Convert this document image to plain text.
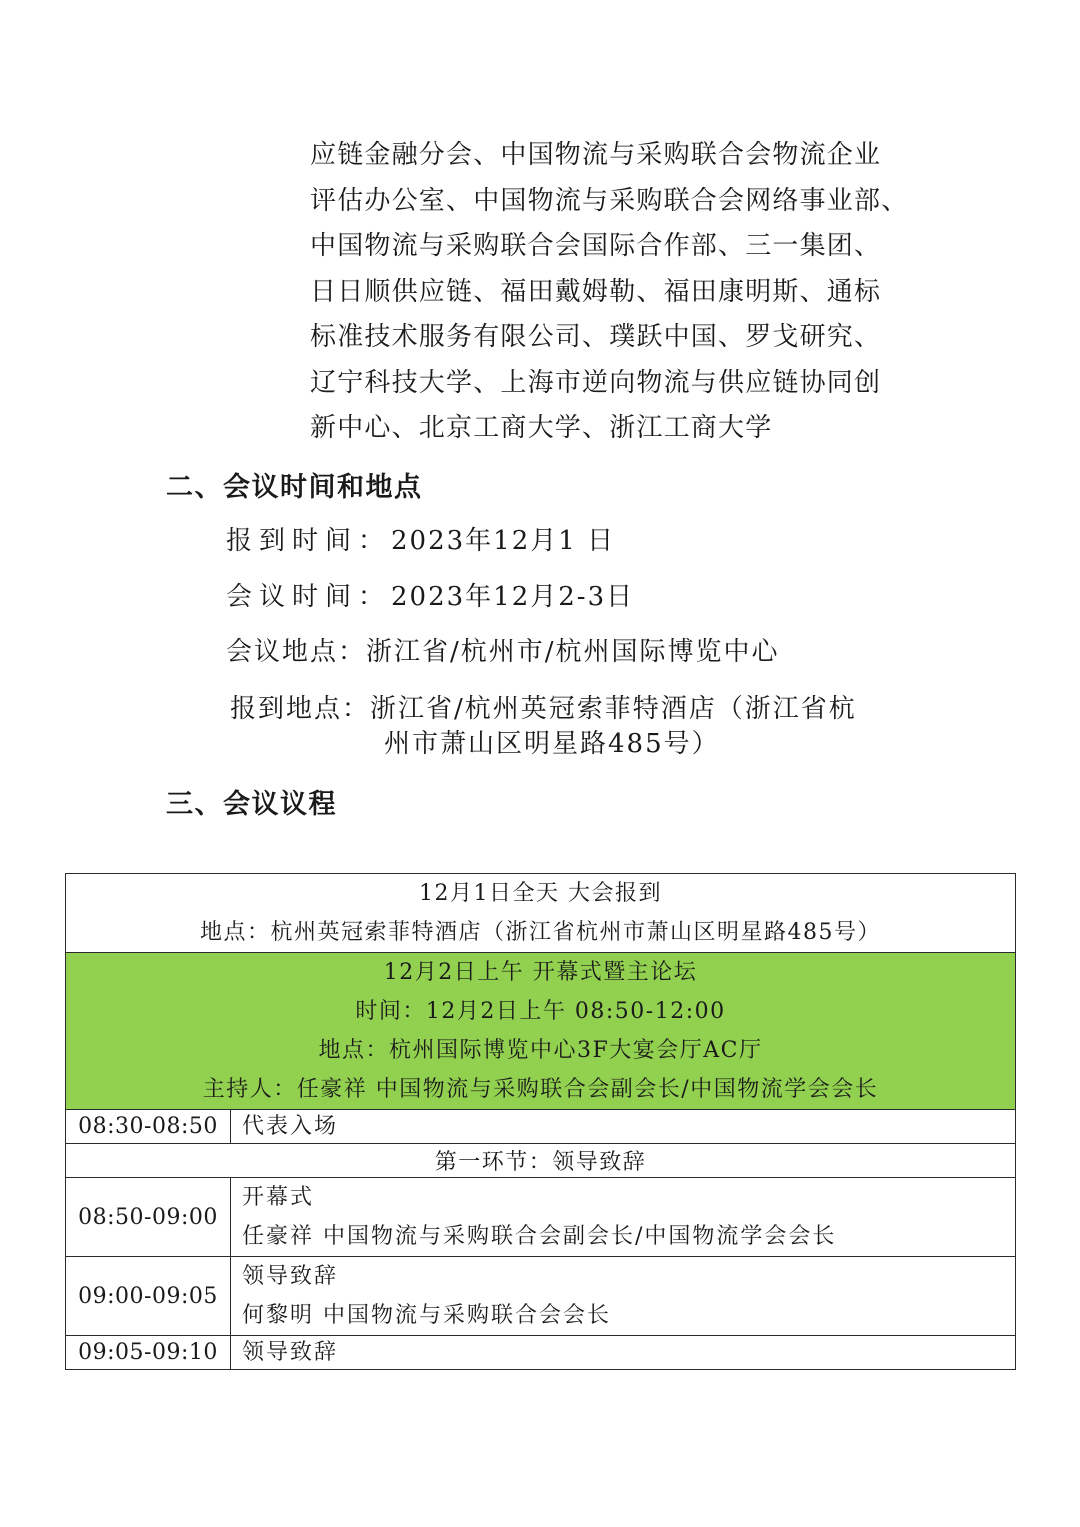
应链金融分会、中国物流与采购联合会物流企业
评估办公室、中国物流与采购联合会网络事业部、
中国物流与采购联合会国际合作部、三一集团、
日日顺供应链、福田戴姆勒、福田康明斯、通标
标准技术服务有限公司、璞跃中国、罗戈研究、
辽宁科技大学、上海市逆向物流与供应链协同创
新中心、北京工商大学、浙江工商大学
二、会议时间和地点
报到时间：2023年12月1 日
会议时间：2023年12月2-3日
会议地点：浙江省/杭州市/杭州国际博览中心
报到地点：浙江省/杭州英冠索菲特酒店（浙江省杭
州市萧山区明星路485号）
三、会议议程
12月1日全天 大会报到
地点：杭州英冠索菲特酒店（浙江省杭州市萧山区明星路485号）	

12月2日上午 开幕式暨主论坛
时间：12月2日上午 08:50-12:00
地点：杭州国际博览中心3F大宴会厅AC厅
主持人：任豪祥 中国物流与采购联合会副会长/中国物流学会会长	

08:30-08:50	代表入场

第一环节：领导致辞	
08:50-09:00	开幕式
任豪祥 中国物流与采购联合会副会长/中国物流学会会长

09:00-09:05	领导致辞
何黎明 中国物流与采购联合会会长

09:05-09:10	领导致辞
